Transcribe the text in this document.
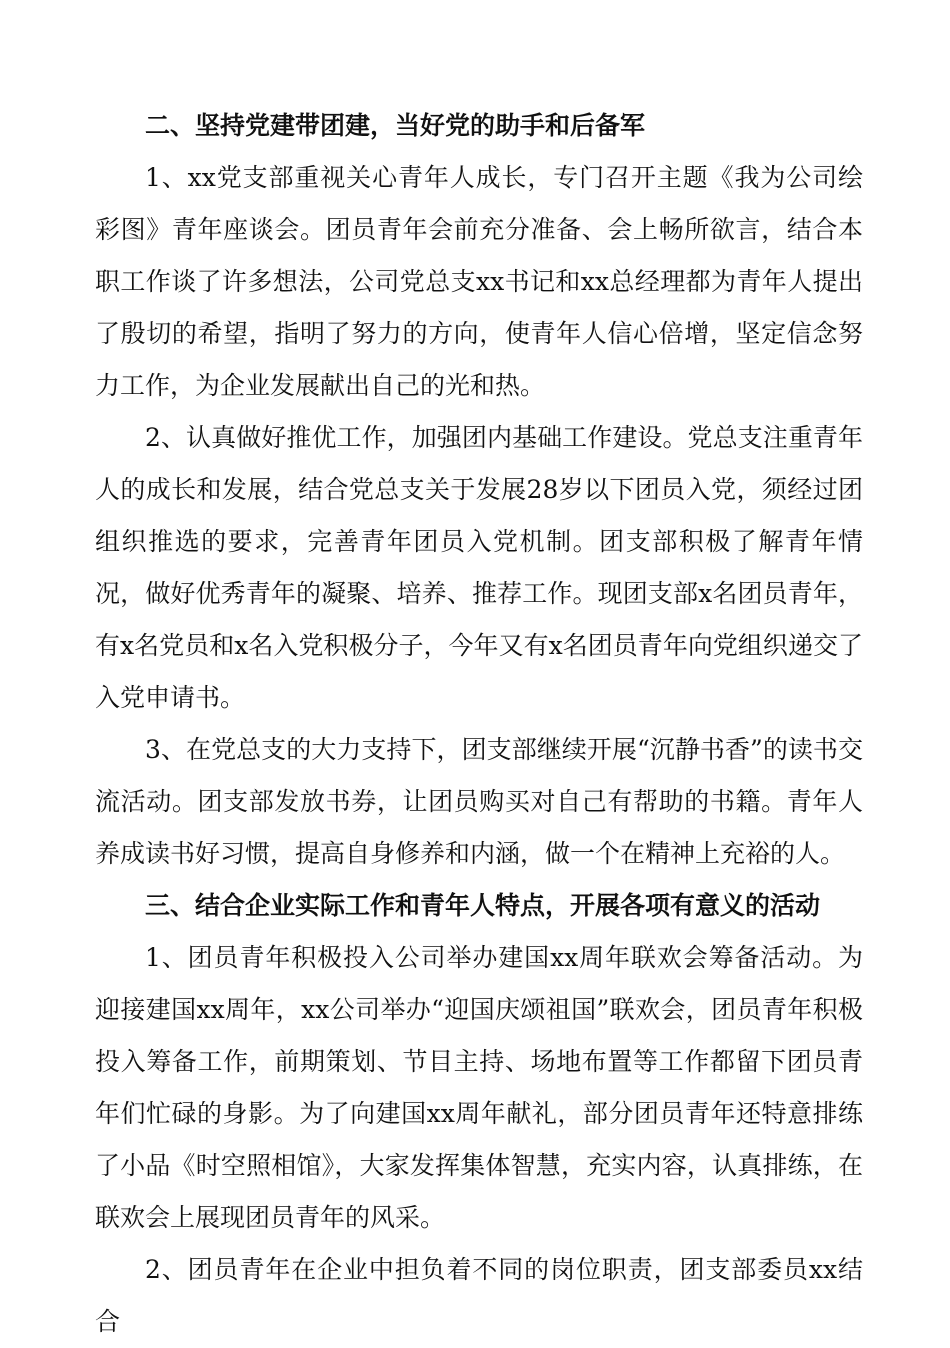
二、坚持党建带团建，当好党的助手和后备军

1、xx党支部重视关心青年人成长，专门召开主题《我为公司绘彩图》青年座谈会。团员青年会前充分准备、会上畅所欲言，结合本职工作谈了许多想法，公司党总支xx书记和xx总经理都为青年人提出了殷切的希望，指明了努力的方向，使青年人信心倍增，坚定信念努力工作，为企业发展献出自己的光和热。

2、认真做好推优工作，加强团内基础工作建设。党总支注重青年人的成长和发展，结合党总支关于发展28岁以下团员入党，须经过团组织推选的要求，完善青年团员入党机制。团支部积极了解青年情况，做好优秀青年的凝聚、培养、推荐工作。现团支部x名团员青年，有x名党员和x名入党积极分子，今年又有x名团员青年向党组织递交了入党申请书。

3、在党总支的大力支持下，团支部继续开展“沉静书香”的读书交流活动。团支部发放书券，让团员购买对自己有帮助的书籍。青年人养成读书好习惯，提高自身修养和内涵，做一个在精神上充裕的人。

三、结合企业实际工作和青年人特点，开展各项有意义的活动

1、团员青年积极投入公司举办建国xx周年联欢会筹备活动。为迎接建国xx周年，xx公司举办“迎国庆颂祖国”联欢会，团员青年积极投入筹备工作，前期策划、节目主持、场地布置等工作都留下团员青年们忙碌的身影。为了向建国xx周年献礼，部分团员青年还特意排练了小品《时空照相馆》，大家发挥集体智慧，充实内容，认真排练，在联欢会上展现团员青年的风采。

2、团员青年在企业中担负着不同的岗位职责，团支部委员xx结合
